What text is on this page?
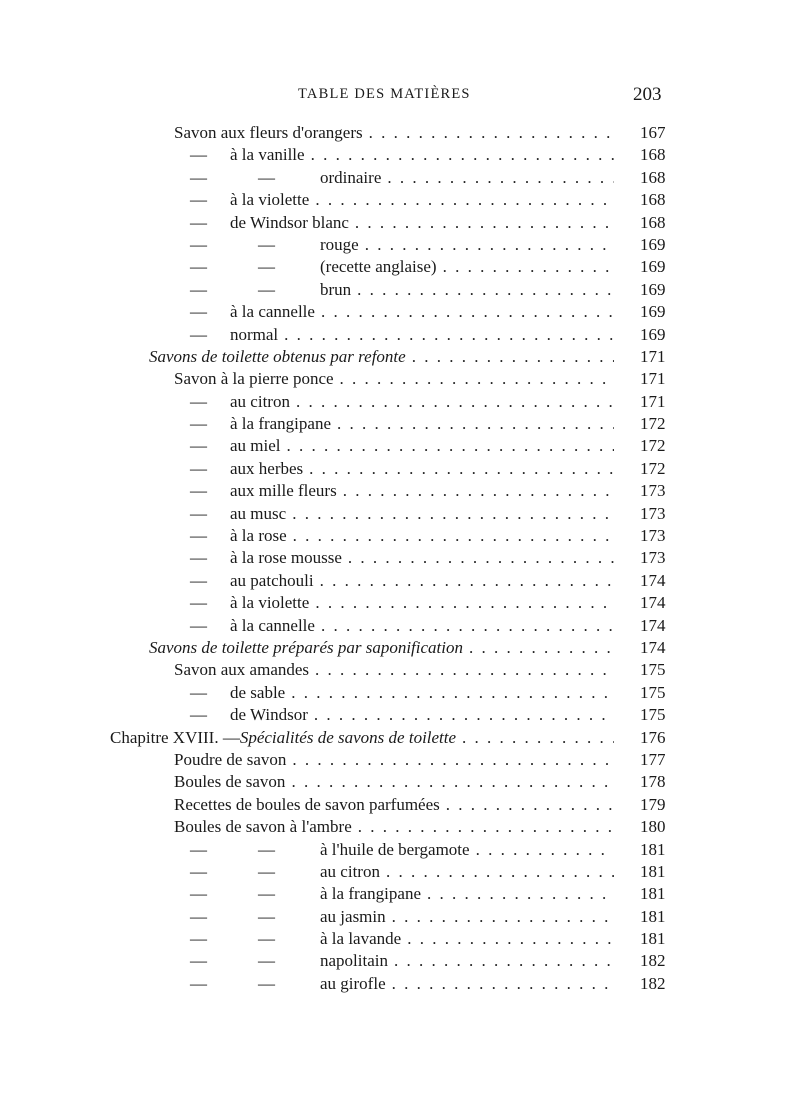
TABLE DES MATIÈRES	203
Savon aux fleurs d'orangers . . .	167
—	à la vanille . . .	168
—	—	ordinaire . . .	168
—	à la violette . . .	168
—	de Windsor blanc . . .	168
—	—	rouge . . .	169
—	—	(recette anglaise) . . .	169
—	—	brun . . .	169
—	à la cannelle . . .	169
—	normal . . .	169
Savons de toilette obtenus par refonte . . .	171
Savon à la pierre ponce . . .	171
—	au citron . . .	171
—	à la frangipane . . .	172
—	au miel . . .	172
—	aux herbes . . .	172
—	aux mille fleurs . . .	173
—	au musc . . .	173
—	à la rose . . .	173
—	à la rose mousse . . .	173
—	au patchouli . . .	174
—	à la violette . . .	174
—	à la cannelle . . .	174
Savons de toilette préparés par saponification . . .	174
Savon aux amandes . . .	175
—	de sable . . .	175
—	de Windsor . . .	175
Chapitre XVIII. — Spécialités de savons de toilette . . .	176
Poudre de savon . . .	177
Boules de savon . . .	178
Recettes de boules de savon parfumées . . .	179
Boules de savon à l'ambre . . .	180
—	—	à l'huile de bergamote . . .	181
—	—	au citron . . .	181
—	—	à la frangipane . . .	181
—	—	au jasmin . . .	181
—	—	à la lavande . . .	181
—	—	napolitain . . .	182
—	—	au girofle . . .	182
